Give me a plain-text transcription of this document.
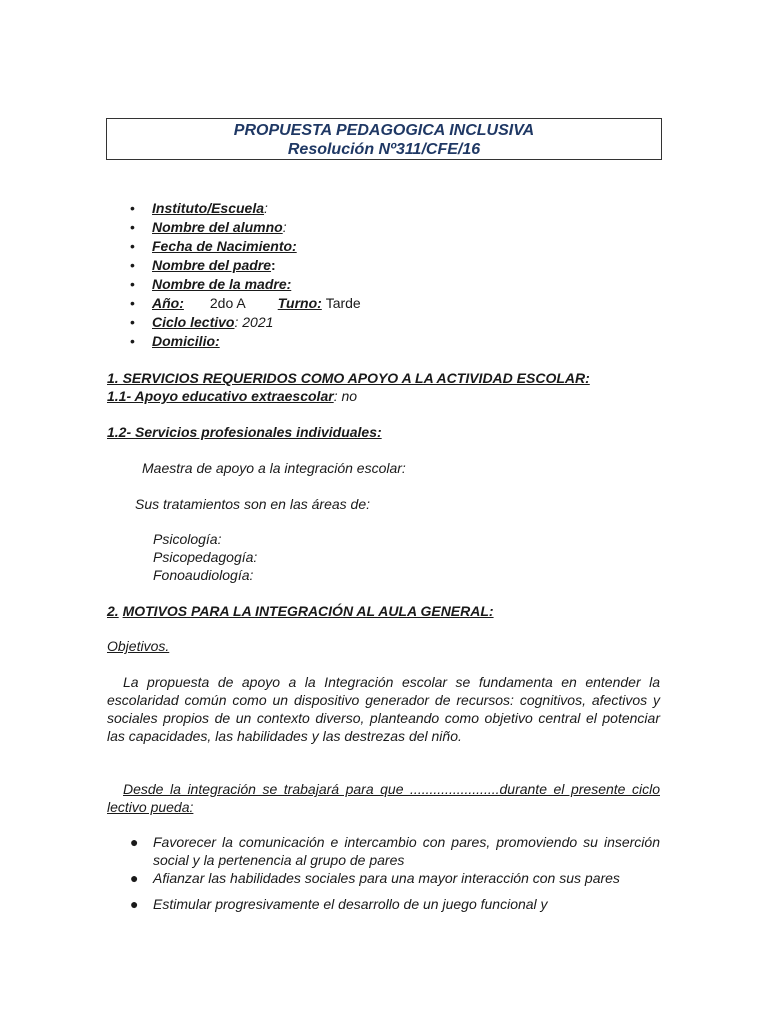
PROPUESTA PEDAGOGICA INCLUSIVA
Resolución Nº311/CFE/16
• Instituto/Escuela:
• Nombre del alumno:
• Fecha de Nacimiento:
• Nombre del padre:
• Nombre de la madre:
• Año: 2do A Turno: Tarde
• Ciclo lectivo: 2021
• Domicilio:
1. SERVICIOS REQUERIDOS COMO APOYO A LA ACTIVIDAD ESCOLAR:
1.1- Apoyo educativo extraescolar: no
1.2- Servicios profesionales individuales:
Maestra de apoyo a la integración escolar:
Sus tratamientos son en las áreas de:
Psicología:
Psicopedagogía:
Fonoaudiología:
2. MOTIVOS PARA LA INTEGRACIÓN AL AULA GENERAL:
Objetivos.
La propuesta de apoyo a la Integración escolar se fundamenta en entender la escolaridad común como un dispositivo generador de recursos: cognitivos, afectivos y sociales propios de un contexto diverso, planteando como objetivo central el potenciar las capacidades, las habilidades y las destrezas del niño.
Desde la integración se trabajará para que .......................durante el presente ciclo lectivo pueda:
● Favorecer la comunicación e intercambio con pares, promoviendo su inserción social y la pertenencia al grupo de pares
● Afianzar las habilidades sociales para una mayor interacción con sus pares
● Estimular progresivamente el desarrollo de un juego funcional y
